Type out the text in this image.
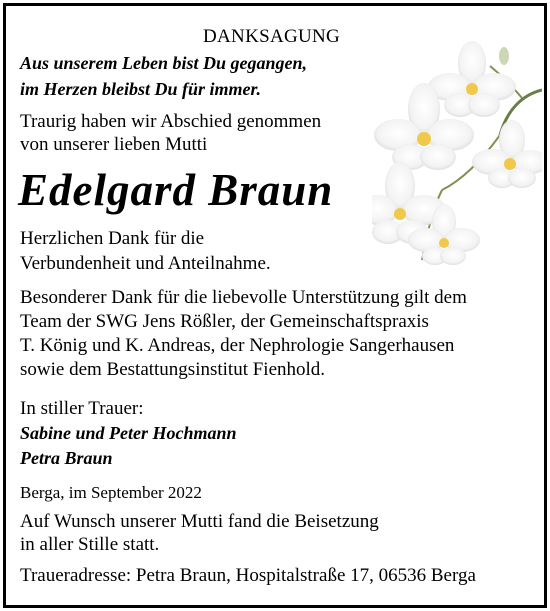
DANKSAGUNG
Aus unserem Leben bist Du gegangen,
im Herzen bleibst Du für immer.
Traurig haben wir Abschied genommen
von unserer lieben Mutti
Edelgard Braun
Herzlichen Dank für die
Verbundenheit und Anteilnahme.
Besonderer Dank für die liebevolle Unterstützung gilt dem
Team der SWG Jens Rößler, der Gemeinschaftspraxis
T. König und K. Andreas, der Nephrologie Sangerhausen
sowie dem Bestattungsinstitut Fienhold.
In stiller Trauer:
Sabine und Peter Hochmann
Petra Braun
Berga, im September 2022
Auf Wunsch unserer Mutti fand die Beisetzung
in aller Stille statt.
Traueradresse: Petra Braun, Hospitalstraße 17, 06536 Berga
